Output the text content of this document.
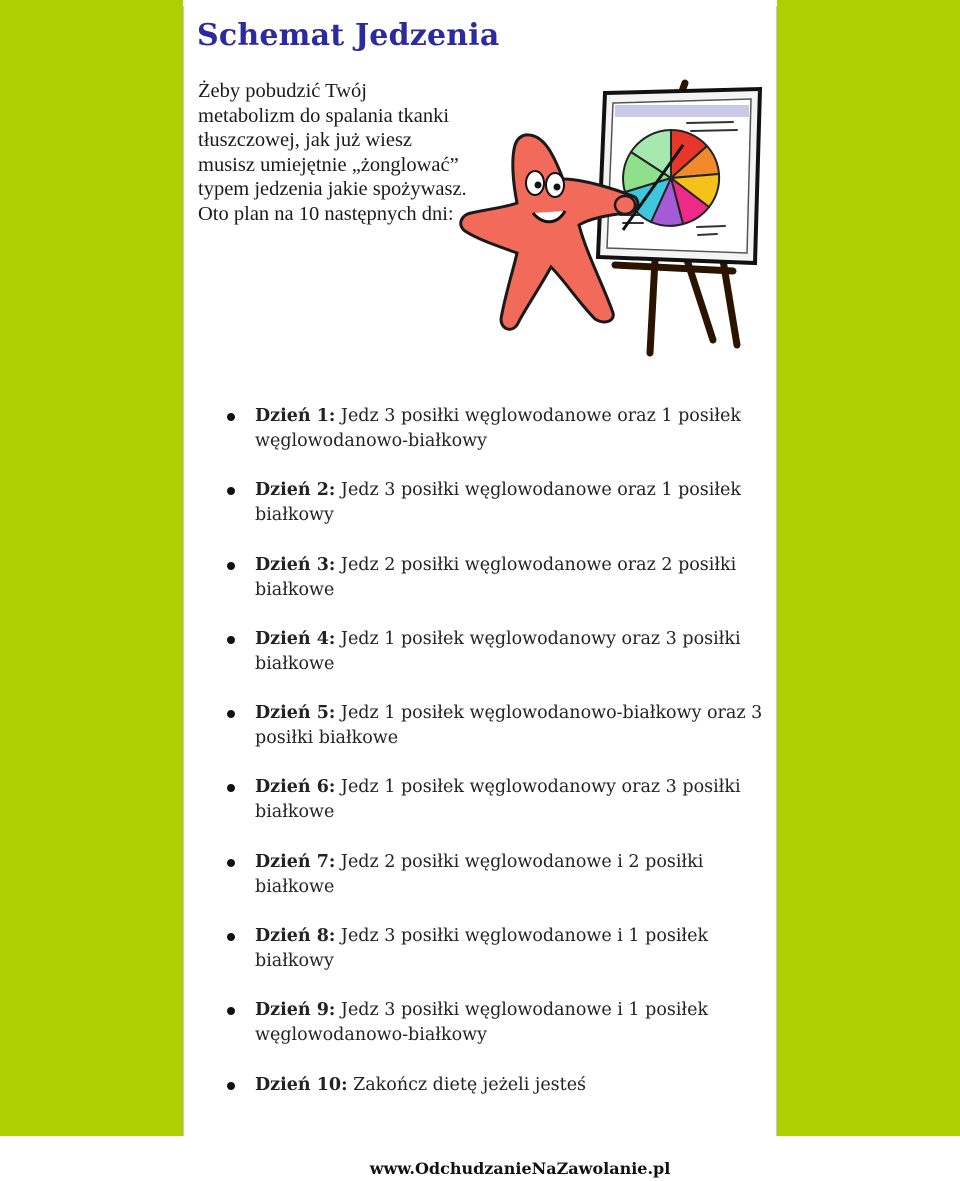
Schemat Jedzenia

Żeby pobudzić Twój metabolizm do spalania tkanki tłuszczowej, jak już wiesz musisz umiejętnie „żonglować” typem jedzenia jakie spożywasz. Oto plan na 10 następnych dni:

Dzień 1: Jedz 3 posiłki węglowodanowe oraz 1 posiłek węglowodanowo-białkowy
Dzień 2: Jedz 3 posiłki węglowodanowe oraz 1 posiłek białkowy
Dzień 3: Jedz 2 posiłki węglowodanowe oraz 2 posiłki białkowe
Dzień 4: Jedz 1 posiłek węglowodanowy oraz 3 posiłki białkowe
Dzień 5: Jedz 1 posiłek węglowodanowo-białkowy oraz 3 posiłki białkowe
Dzień 6: Jedz 1 posiłek węglowodanowy oraz 3 posiłki białkowe
Dzień 7: Jedz 2 posiłki węglowodanowe i 2 posiłki białkowe
Dzień 8: Jedz 3 posiłki węglowodanowe i 1 posiłek białkowy
Dzień 9: Jedz 3 posiłki węglowodanowe i 1 posiłek węglowodanowo-białkowy
Dzień 10: Zakończ dietę jeżeli jesteś
www.OdchudzanieNaZawolanie.pl
